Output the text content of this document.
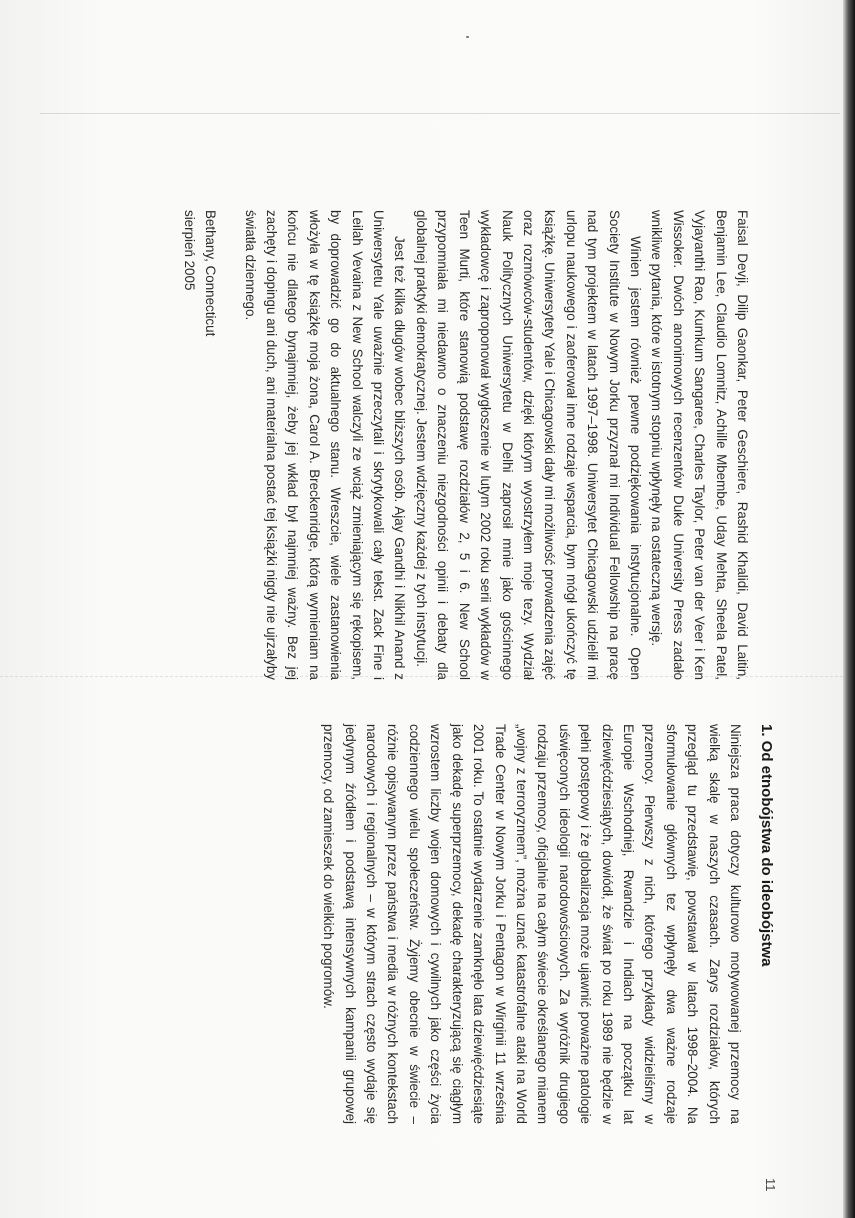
Faisal Devji, Dilip Gaonkar, Peter Geschiere, Rashid Khalidi, David Laitin, Benjamin Lee, Claudio Lomnitz, Achille Mbembe, Uday Mehta, Sheela Patel, Vyjayanthi Rao, Kumkum Sangaree, Charles Taylor, Peter van der Veer i Ken Wissoker. Dwóch anonimowych recenzentów Duke University Press zadało wnikliwe pytania, które w istotnym stopniu wpłynęły na ostateczną wersję.

Winien jestem również pewne podziękowania instytucjonalne. Open Society Institute w Nowym Jorku przyznał mi Individual Fellowship na pracę nad tym projektem w latach 1997–1998. Uniwersytet Chicagowski udzielił mi urlopu naukowego i zaoferował inne rodzaje wsparcia, bym mógł ukończyć tę książkę. Uniwersytety Yale i Chicagowski dały mi możliwość prowadzenia zajęć oraz rozmówców-studentów, dzięki którym wyostrzyłem moje tezy. Wydział Nauk Politycznych Uniwersytetu w Delhi zaprosił mnie jako gościnnego wykładowcę i zaproponował wygłoszenie w lutym 2002 roku serii wykładów w Teen Murti, które stanowią podstawę rozdziałów 2, 5 i 6. New School przypomniała mi niedawno o znaczeniu niezgodności opinii i debaty dla globalnej praktyki demokratycznej. Jestem wdzięczny każdej z tych instytucji.

Jest też kilka długów wobec bliższych osób. Ajay Gandhi i Nikhil Anand z Uniwersytetu Yale uważnie przeczytali i skrytykowali cały tekst. Zack Fine i Leilah Vevaina z New School walczyli ze wciąż zmieniającym się rękopisem, by doprowadzić go do aktualnego stanu. Wreszcie, wiele zastanowienia włożyła w tę książkę moja żona, Carol A. Breckenridge, którą wymieniam na końcu nie dlatego bynajmniej, żeby jej wkład był najmniej ważny. Bez jej zachęty i dopingu ani duch, ani materialna postać tej książki nigdy nie ujrzałyby światła dziennego.

Bethany, Connecticut
sierpień 2005
1. Od etnobójstwa do ideobójstwa

Niniejsza praca dotyczy kulturowo motywowanej przemocy na wielką skalę w naszych czasach. Zarys rozdziałów, których przegląd tu przedstawię, powstawał w latach 1998–2004. Na sformułowanie głównych tez wpłynęły dwa ważne rodzaje przemocy. Pierwszy z nich, którego przykłady widzieliśmy w Europie Wschodniej, Rwandzie i Indiach na początku lat dziewięćdziesiątych, dowiódł, że świat po roku 1989 nie będzie w pełni postępowy i że globalizacja może ujawnić poważne patologie uświęconych ideologii narodowościowych. Za wyróżnik drugiego rodzaju przemocy, oficjalnie na całym świecie określanego mianem „wojny z terroryzmem”, można uznać katastrofalne ataki na World Trade Center w Nowym Jorku i Pentagon w Wirginii 11 września 2001 roku. To ostatnie wydarzenie zamknęło lata dziewięćdziesiąte jako dekadę superprzemocy, dekadę charakteryzującą się ciągłym wzrostem liczby wojen domowych i cywilnych jako części życia codziennego wielu społeczeństw. Żyjemy obecnie w świecie – różnie opisywanym przez państwa i media w różnych kontekstach narodowych i regionalnych – w którym strach często wydaje się jedynym źródłem i podstawą intensywnych kampanii grupowej przemocy, od zamieszek do wielkich pogromów.

11
